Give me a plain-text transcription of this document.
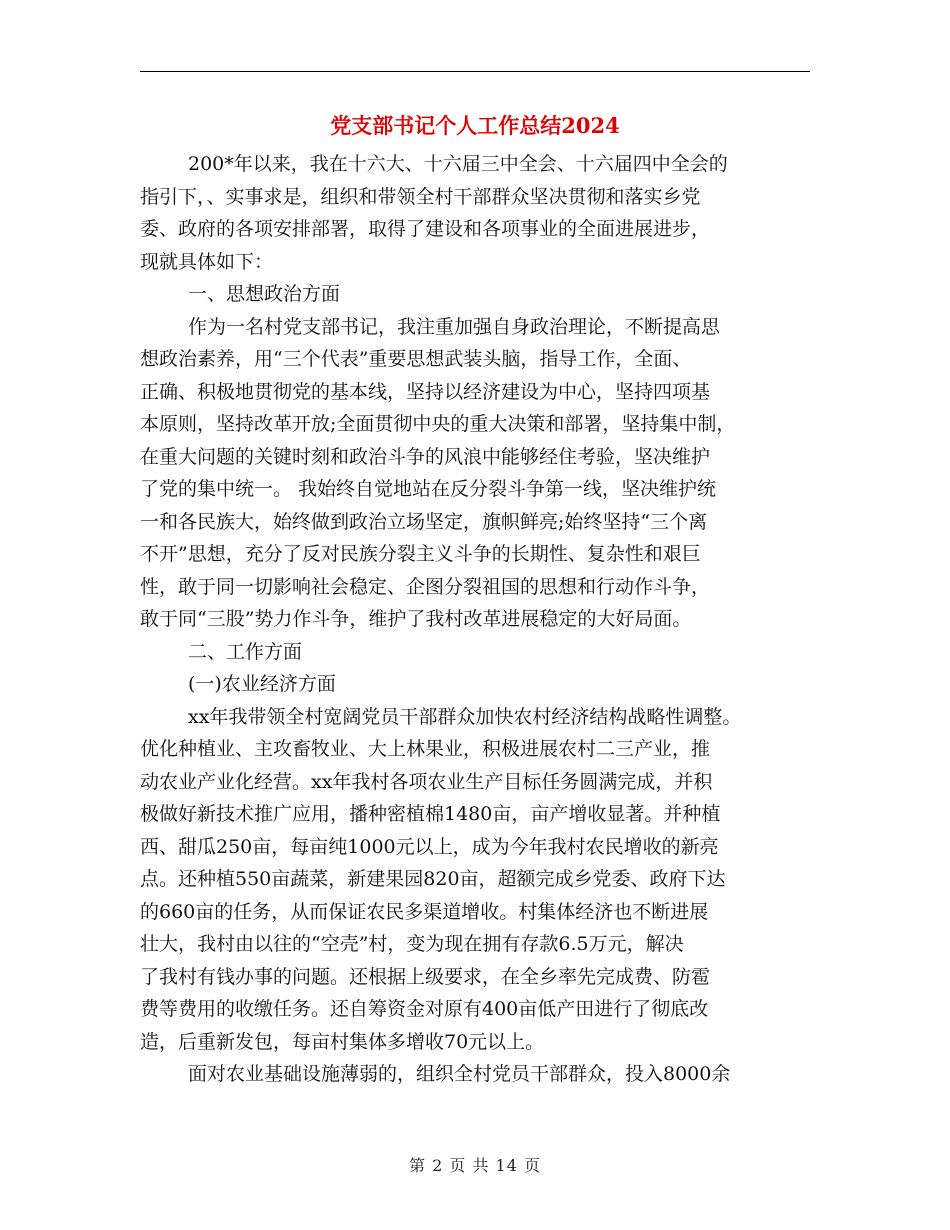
党支部书记个人工作总结2024

200*年以来，我在十六大、十六届三中全会、十六届四中全会的
指引下，、实事求是，组织和带领全村干部群众坚决贯彻和落实乡党
委、政府的各项安排部署，取得了建设和各项事业的全面进展进步，
现就具体如下：

一、思想政治方面

作为一名村党支部书记，我注重加强自身政治理论，不断提高思
想政治素养，用“三个代表”重要思想武装头脑，指导工作，全面、
正确、积极地贯彻党的基本线，坚持以经济建设为中心，坚持四项基
本原则，坚持改革开放;全面贯彻中央的重大决策和部署，坚持集中制，
在重大问题的关键时刻和政治斗争的风浪中能够经住考验，坚决维护
了党的集中统一。 我始终自觉地站在反分裂斗争第一线，坚决维护统
一和各民族大，始终做到政治立场坚定，旗帜鲜亮;始终坚持“三个离
不开”思想，充分了反对民族分裂主义斗争的长期性、复杂性和艰巨
性，敢于同一切影响社会稳定、企图分裂祖国的思想和行动作斗争，
敢于同“三股”势力作斗争，维护了我村改革进展稳定的大好局面。

二、工作方面

(一)农业经济方面

xx年我带领全村宽阔党员干部群众加快农村经济结构战略性调整。
优化种植业、主攻畜牧业、大上林果业，积极进展农村二三产业，推
动农业产业化经营。xx年我村各项农业生产目标任务圆满完成，并积
极做好新技术推广应用，播种密植棉1480亩，亩产增收显著。并种植
西、甜瓜250亩，每亩纯1000元以上，成为今年我村农民增收的新亮
点。还种植550亩蔬菜，新建果园820亩，超额完成乡党委、政府下达
的660亩的任务，从而保证农民多渠道增收。村集体经济也不断进展
壮大，我村由以往的“空壳”村，变为现在拥有存款6.5万元，解决
了我村有钱办事的问题。还根据上级要求，在全乡率先完成费、防雹
费等费用的收缴任务。还自筹资金对原有400亩低产田进行了彻底改
造，后重新发包，每亩村集体多增收70元以上。

面对农业基础设施薄弱的，组织全村党员干部群众，投入8000余

第 2 页 共 14 页
